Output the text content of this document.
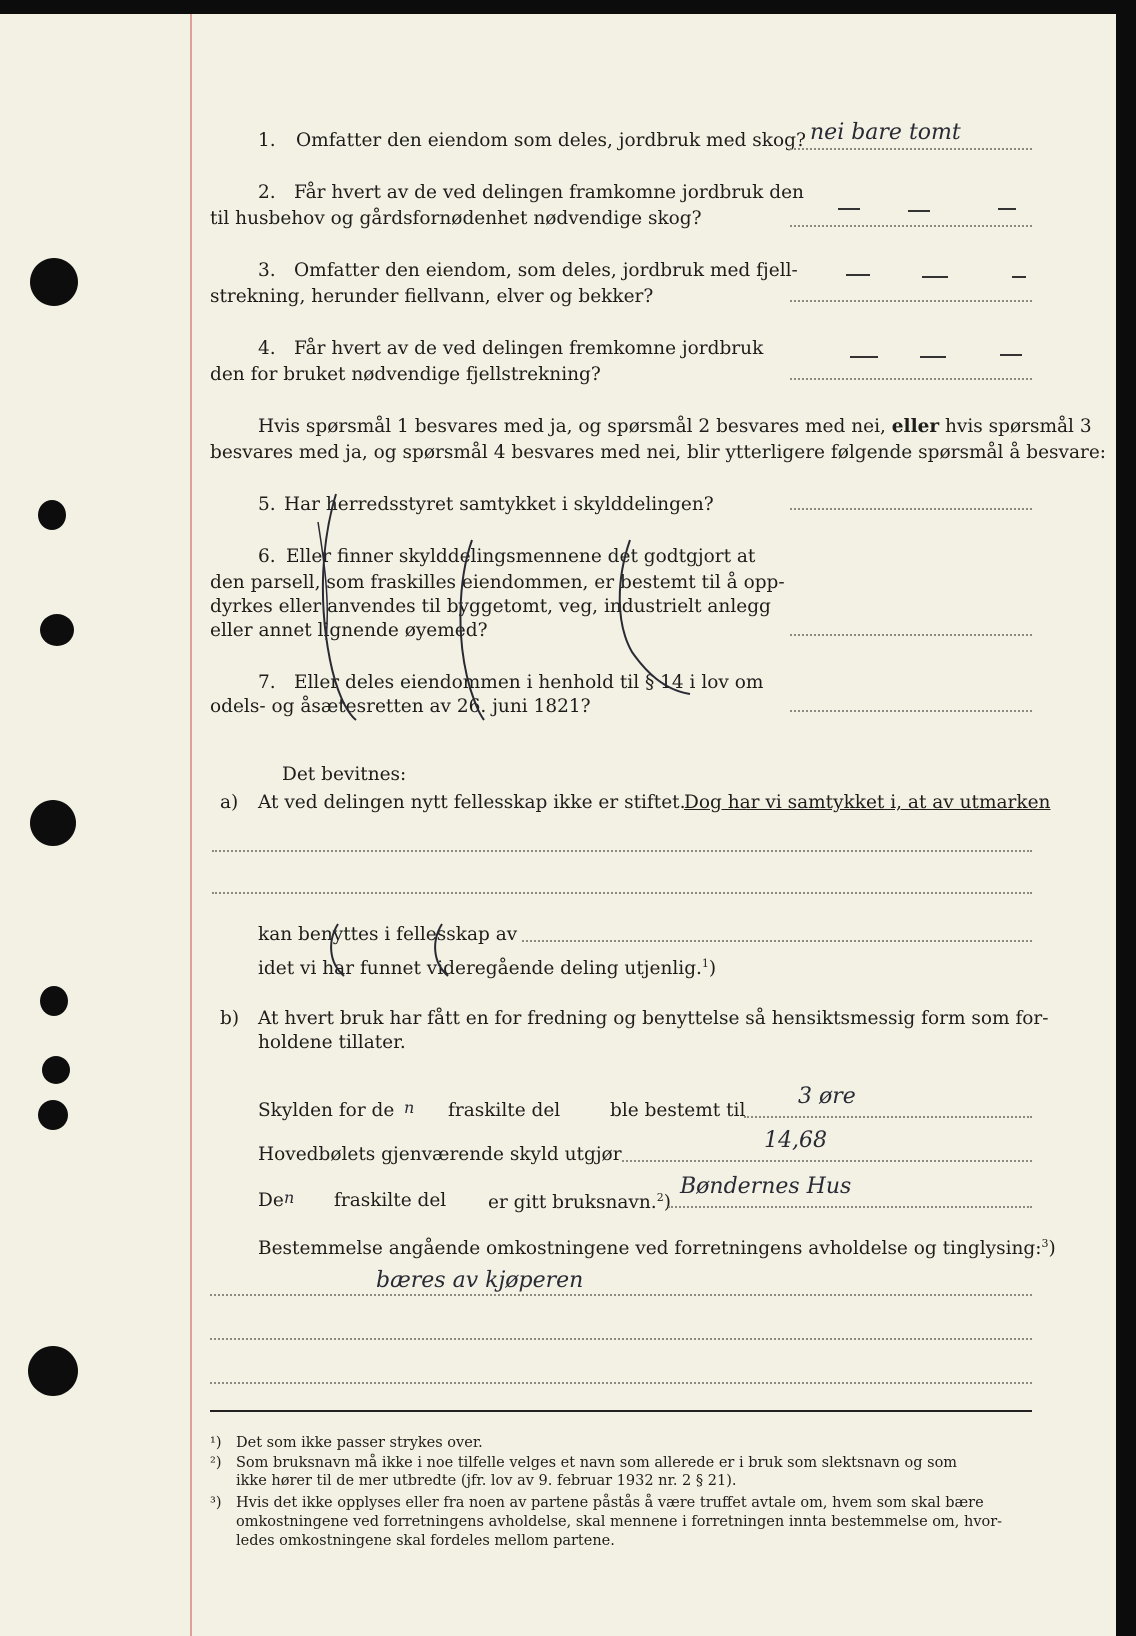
1. Omfatter den eiendom som deles, jordbruk med skog? nei bare tomt
2. Får hvert av de ved delingen framkomne jordbruk den
til husbehov og gårdsfornødenhet nødvendige skog?
3. Omfatter den eiendom, som deles, jordbruk med fjell-
strekning, herunder fiellvann, elver og bekker?
4. Får hvert av de ved delingen fremkomne jordbruk
den for bruket nødvendige fjellstrekning?
Hvis spørsmål 1 besvares med ja, og spørsmål 2 besvares med nei, eller hvis spørsmål 3
besvares med ja, og spørsmål 4 besvares med nei, blir ytterligere følgende spørsmål å besvare:
5. Har herredsstyret samtykket i skylddelingen?
6. Eller finner skylddelingsmennene det godtgjort at
den parsell, som fraskilles eiendommen, er bestemt til å opp-
dyrkes eller anvendes til byggetomt, veg, industrielt anlegg
eller annet lignende øyemed?
7. Eller deles eiendommen i henhold til § 14 i lov om
odels- og åsætesretten av 26. juni 1821?
Det bevitnes:
a) At ved delingen nytt fellesskap ikke er stiftet.
Dog har vi samtykket i, at av utmarken
kan benyttes i fellesskap av
idet vi har funnet videregående deling utjenlig.$^1$)
b) At hvert bruk har fått en for fredning og benyttelse så hensiktsmessig form som for-
holdene tillater.
Skylden for de n fraskilte del	ble bestemt til
3 øre
Hovedbølets gjenværende skyld utgjør
14,68
De n fraskilte del er gitt bruksnavn.$^2$)
Bøndernes Hus
Bestemmelse angående omkostningene ved forretningens avholdelse og tinglysing:$^3$)
bæres av kjøperen
¹) Det som ikke passer strykes over.
²) Som bruksnavn må ikke i noe tilfelle velges et navn som allerede er i bruk som slektsnavn og som
ikke hører til de mer utbredte (jfr. lov av 9. februar 1932 nr. 2 § 21).
³) Hvis det ikke opplyses eller fra noen av partene påstås å være truffet avtale om, hvem som skal bære
omkostningene ved forretningens avholdelse, skal mennene i forretningen innta bestemmelse om, hvor-
ledes omkostningene skal fordeles mellom partene.
